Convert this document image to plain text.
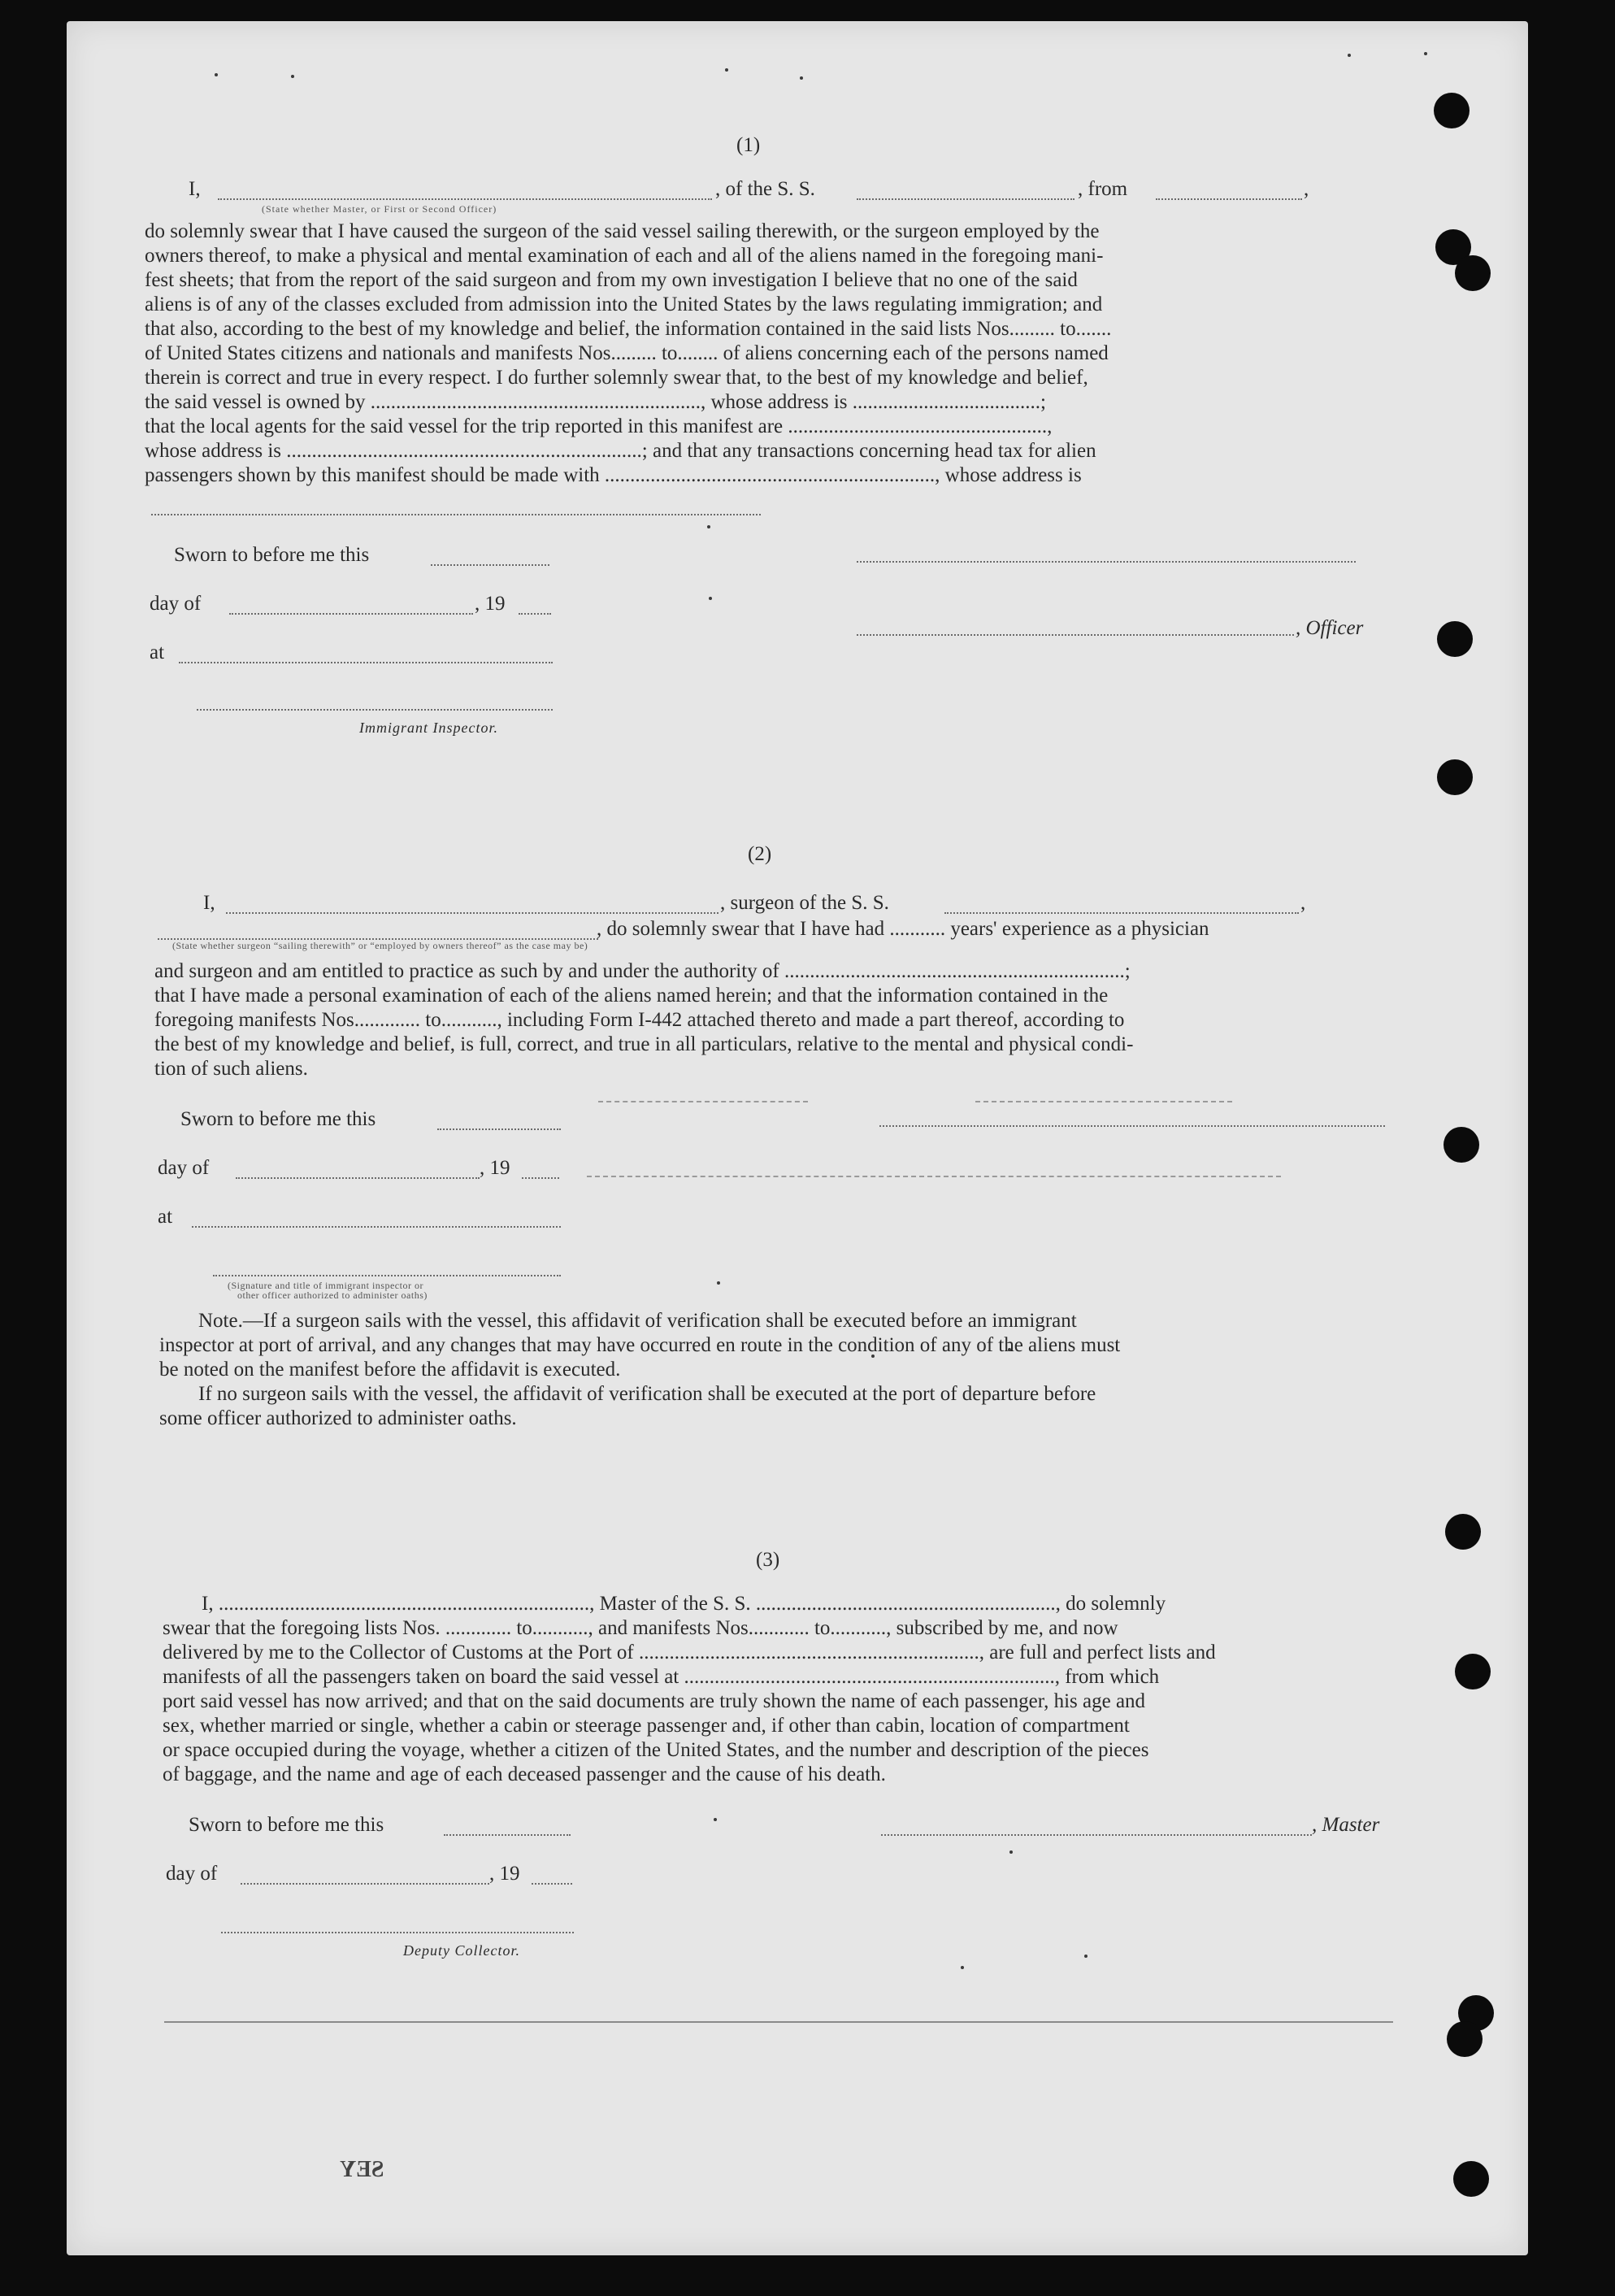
(1)
I,	, of the S. S.	, from	,
(State whether Master, or First or Second Officer)
do solemnly swear that I have caused the surgeon of the said vessel sailing therewith, or the surgeon employed by the
owners thereof, to make a physical and mental examination of each and all of the aliens named in the foregoing mani-
fest sheets; that from the report of the said surgeon and from my own investigation I believe that no one of the said
aliens is of any of the classes excluded from admission into the United States by the laws regulating immigration; and
that also, according to the best of my knowledge and belief, the information contained in the said lists Nos......... to.......
of United States citizens and nationals and manifests Nos......... to........ of aliens concerning each of the persons named
therein is correct and true in every respect. I do further solemnly swear that, to the best of my knowledge and belief,
the said vessel is owned by ................................................................., whose address is .....................................;
that the local agents for the said vessel for the trip reported in this manifest are ...................................................,
whose address is ......................................................................; and that any transactions concerning head tax for alien
passengers shown by this manifest should be made with ................................................................., whose address is
Sworn to before me this
day of	, 19
, Officer
at
Immigrant Inspector.
(2)
I,	, surgeon of the S. S.	,
, do solemnly swear that I have had ........... years' experience as a physician
(State whether surgeon “sailing therewith” or “employed by owners thereof” as the case may be)
and surgeon and am entitled to practice as such by and under the authority of ...................................................................;
that I have made a personal examination of each of the aliens named herein; and that the information contained in the
foregoing manifests Nos............. to..........., including Form I-442 attached thereto and made a part thereof, according to
the best of my knowledge and belief, is full, correct, and true in all particulars, relative to the mental and physical condi-
tion of such aliens.
Sworn to before me this
day of	, 19
at
(Signature and title of immigrant inspector or
other officer authorized to administer oaths)
Note.—If a surgeon sails with the vessel, this affidavit of verification shall be executed before an immigrant
inspector at port of arrival, and any changes that may have occurred en route in the condition of any of the aliens must
be noted on the manifest before the affidavit is executed.
If no surgeon sails with the vessel, the affidavit of verification shall be executed at the port of departure before
some officer authorized to administer oaths.
(3)
I, ........................................................................., Master of the S. S. ..........................................................., do solemnly
swear that the foregoing lists Nos. ............. to..........., and manifests Nos............ to..........., subscribed by me, and now
delivered by me to the Collector of Customs at the Port of ..................................................................., are full and perfect lists and
manifests of all the passengers taken on board the said vessel at ........................................................................., from which
port said vessel has now arrived; and that on the said documents are truly shown the name of each passenger, his age and
sex, whether married or single, whether a cabin or steerage passenger and, if other than cabin, location of compartment
or space occupied during the voyage, whether a citizen of the United States, and the number and description of the pieces
of baggage, and the name and age of each deceased passenger and the cause of his death.
Sworn to before me this	, Master
day of	, 19
Deputy Collector.
SEY
